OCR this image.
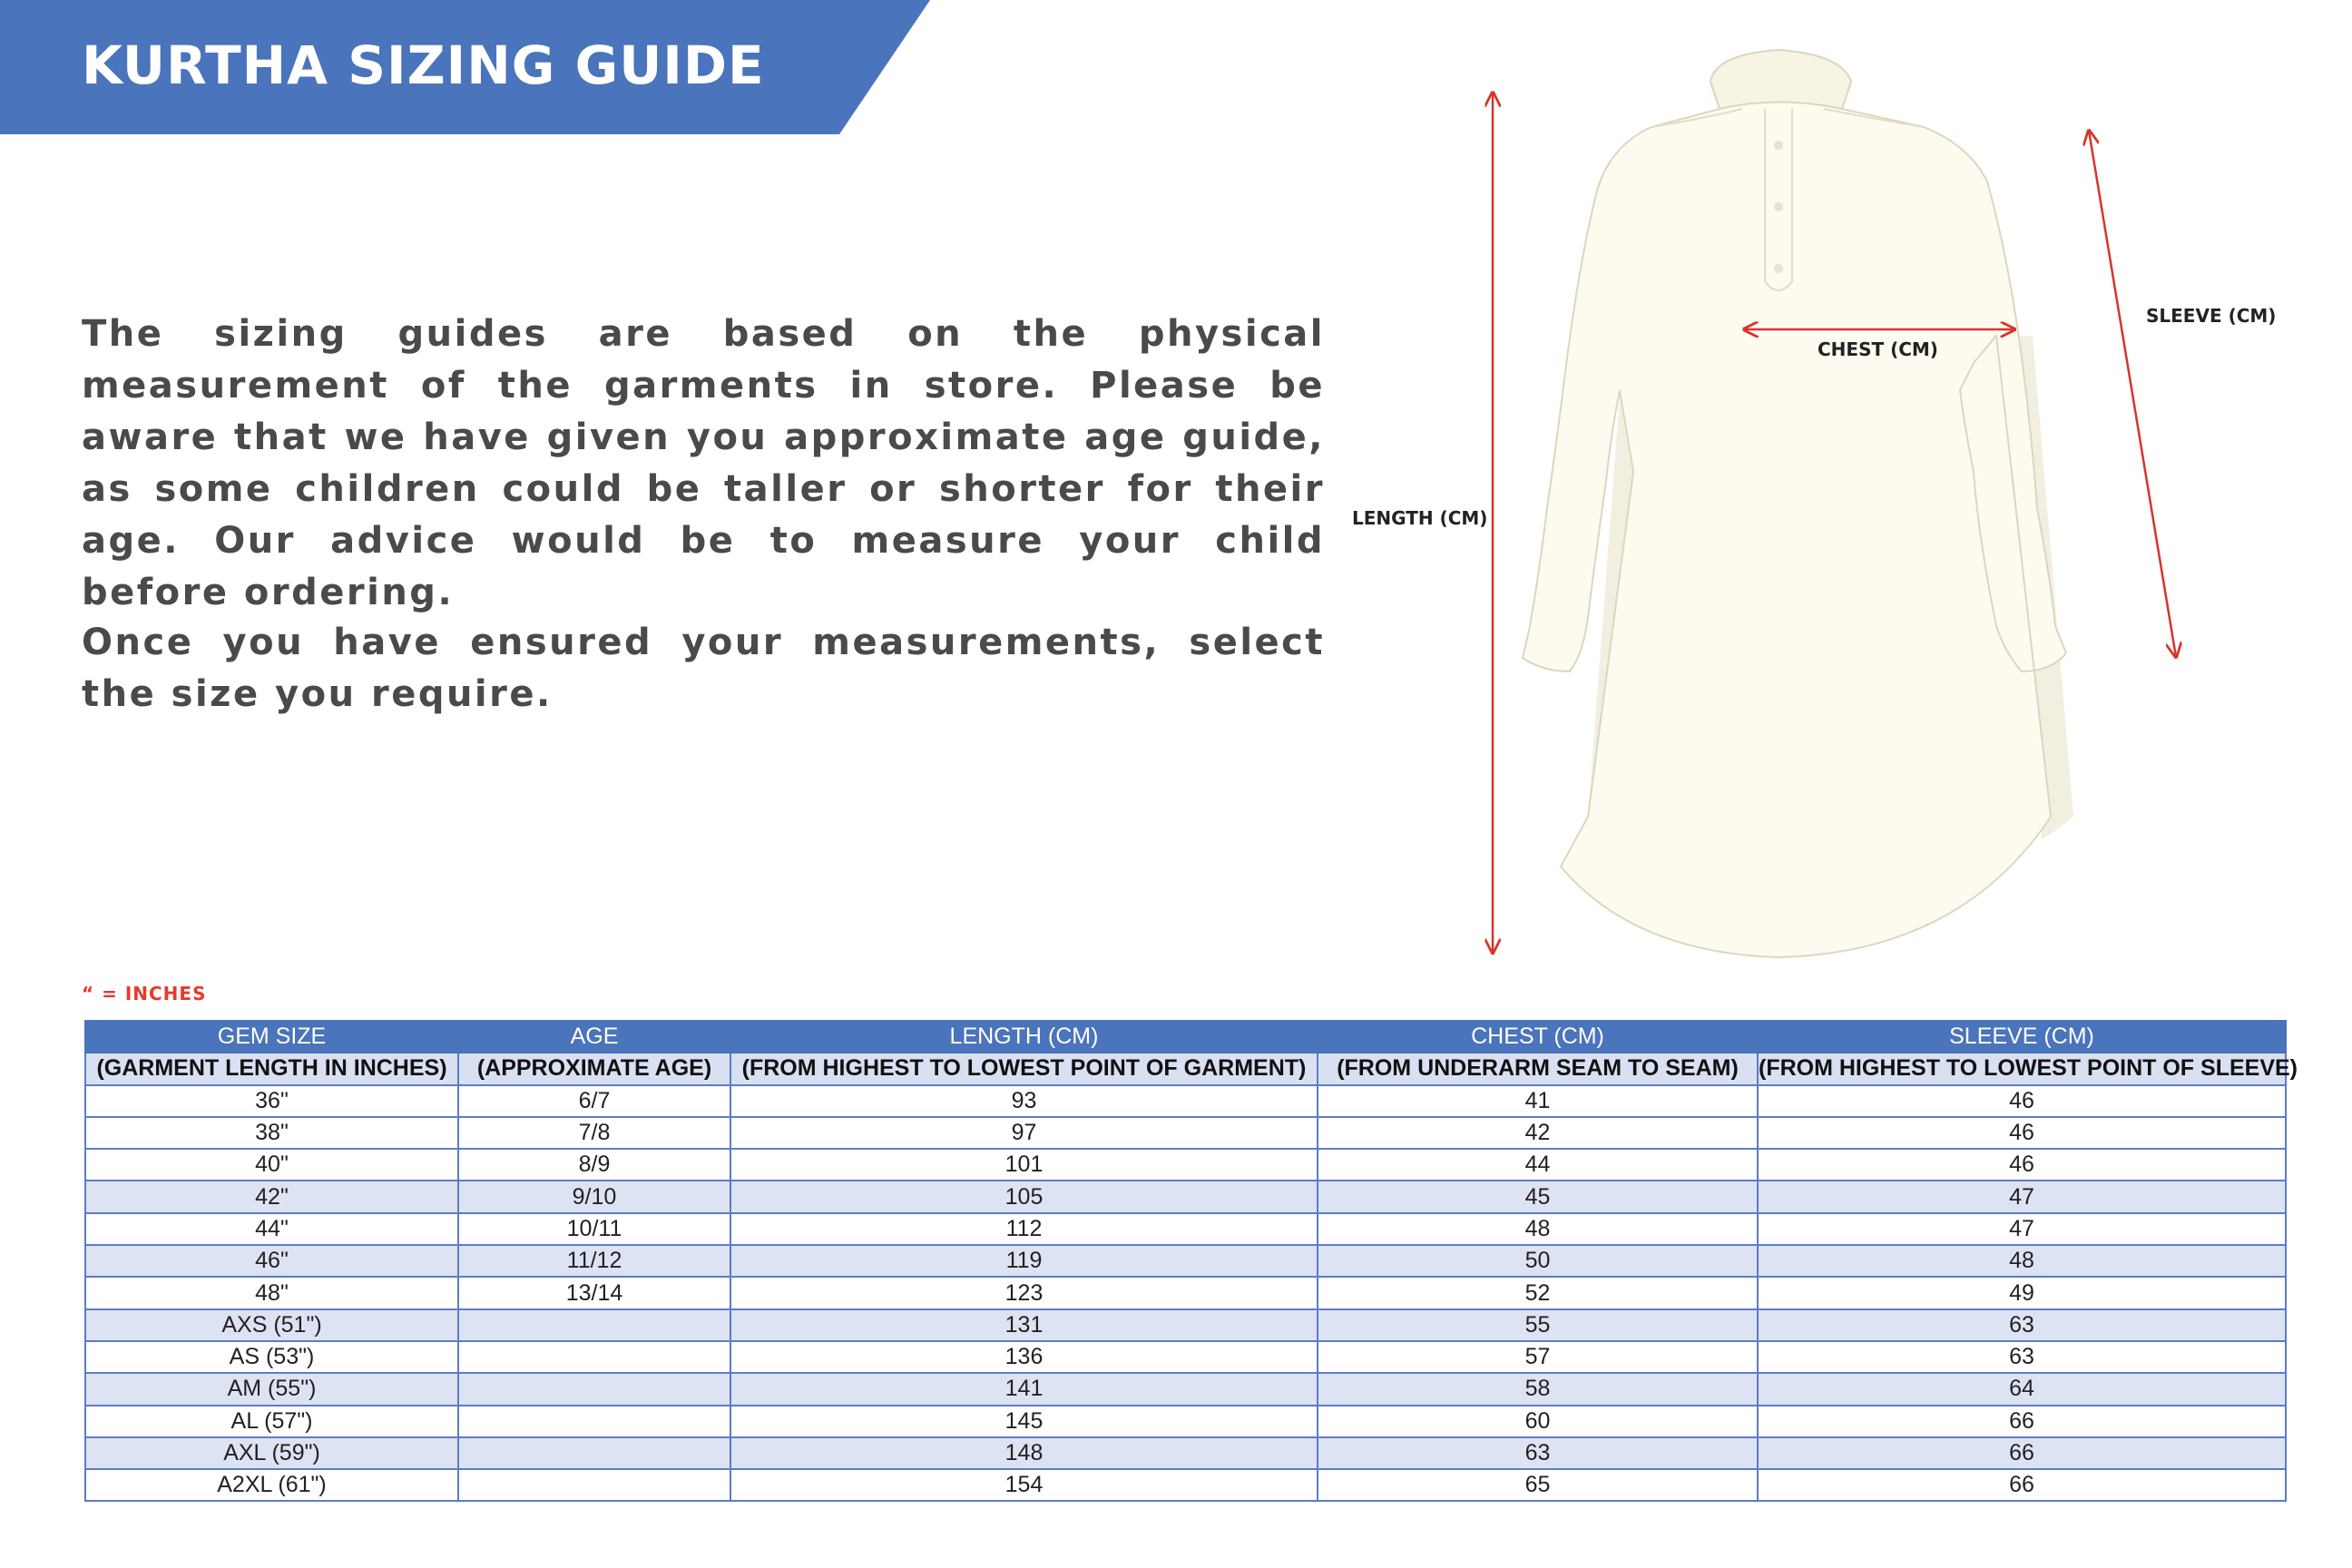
KURTHA SIZING GUIDE

The sizing guides are based on the physical measurement of the garments in store. Please be aware that we have given you approximate age guide, as some children could be taller or shorter for their age. Our advice would be to measure your child before ordering.

Once you have ensured your measurements, select the size you require.

LENGTH (CM)
CHEST (CM)
SLEEVE (CM)

“ = INCHES

GEM SIZE	AGE	LENGTH (CM)	CHEST (CM)	SLEEVE (CM)
(GARMENT LENGTH IN INCHES)	(APPROXIMATE AGE)	(FROM HIGHEST TO LOWEST POINT OF GARMENT)	(FROM UNDERARM SEAM TO SEAM)	(FROM HIGHEST TO LOWEST POINT OF SLEEVE)
36"	6/7	93	41	46
38"	7/8	97	42	46
40"	8/9	101	44	46
42"	9/10	105	45	47
44"	10/11	112	48	47
46"	11/12	119	50	48
48"	13/14	123	52	49
AXS (51")		131	55	63
AS (53")		136	57	63
AM (55")		141	58	64
AL (57")		145	60	66
AXL (59")		148	63	66
A2XL (61")		154	65	66
